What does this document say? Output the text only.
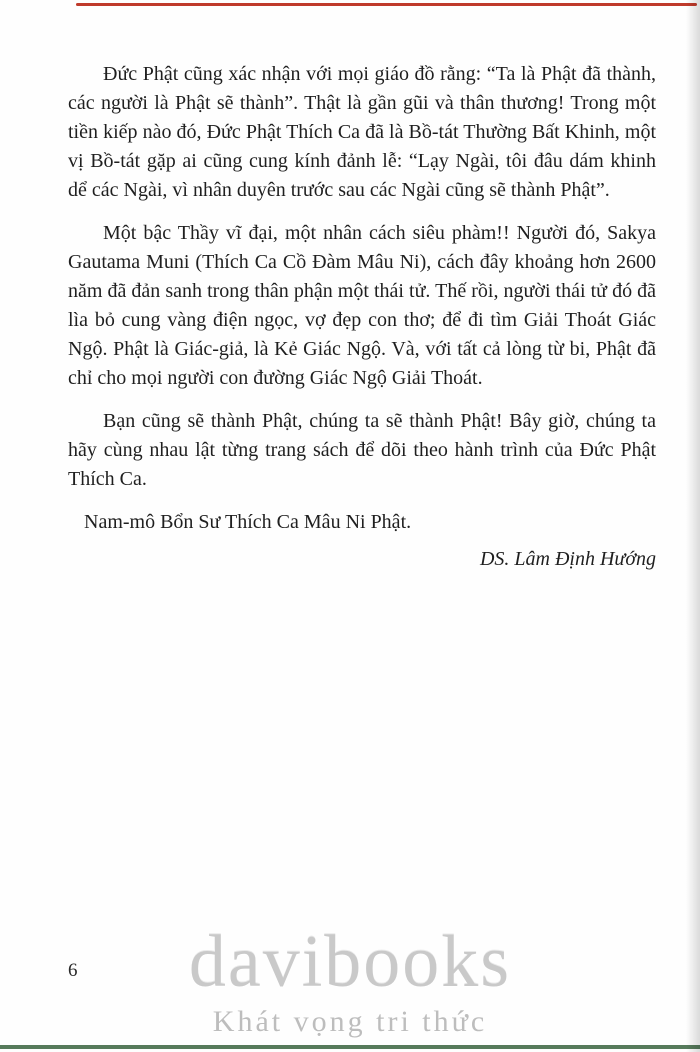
Đức Phật cũng xác nhận với mọi giáo đồ rằng: “Ta là Phật đã thành, các người là Phật sẽ thành”. Thật là gần gũi và thân thương! Trong một tiền kiếp nào đó, Đức Phật Thích Ca đã là Bồ-tát Thường Bất Khinh, một vị Bồ-tát gặp ai cũng cung kính đảnh lễ: “Lạy Ngài, tôi đâu dám khinh dể các Ngài, vì nhân duyên trước sau các Ngài cũng sẽ thành Phật”.

Một bậc Thầy vĩ đại, một nhân cách siêu phàm!! Người đó, Sakya Gautama Muni (Thích Ca Cồ Đàm Mâu Ni), cách đây khoảng hơn 2600 năm đã đản sanh trong thân phận một thái tử. Thế rồi, người thái tử đó đã lìa bỏ cung vàng điện ngọc, vợ đẹp con thơ; để đi tìm Giải Thoát Giác Ngộ. Phật là Giác-giả, là Kẻ Giác Ngộ. Và, với tất cả lòng từ bi, Phật đã chỉ cho mọi người con đường Giác Ngộ Giải Thoát.

Bạn cũng sẽ thành Phật, chúng ta sẽ thành Phật! Bây giờ, chúng ta hãy cùng nhau lật từng trang sách để dõi theo hành trình của Đức Phật Thích Ca.

Nam-mô Bổn Sư Thích Ca Mâu Ni Phật.

DS. Lâm Định Hướng

davibooks
Khát vọng tri thức
6
